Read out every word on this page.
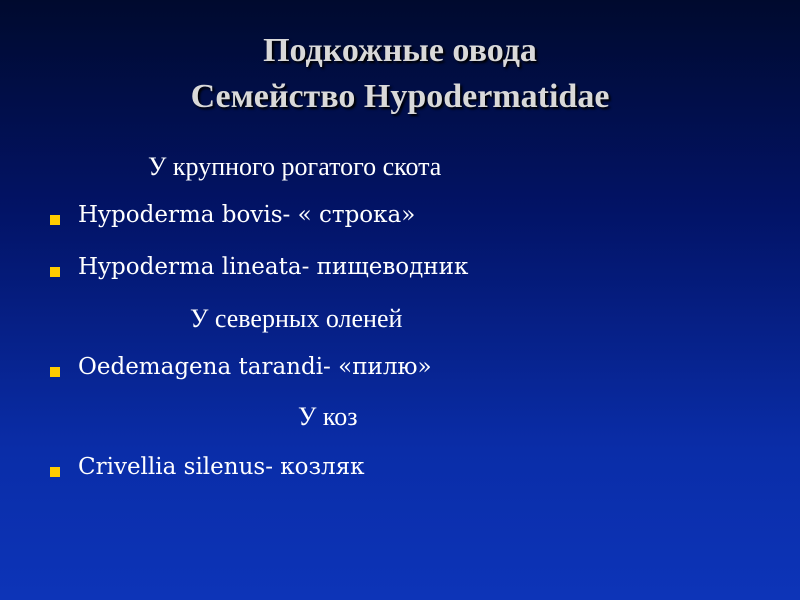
Подкожные овода
Семейство Hypodermatidae
У крупного рогатого скота
Hypoderma bovis- « строка»
Hypoderma lineata- пищеводник
У северных оленей
Oedemagena tarandi- «пилю»
У коз
Crivellia silenus- козляк
